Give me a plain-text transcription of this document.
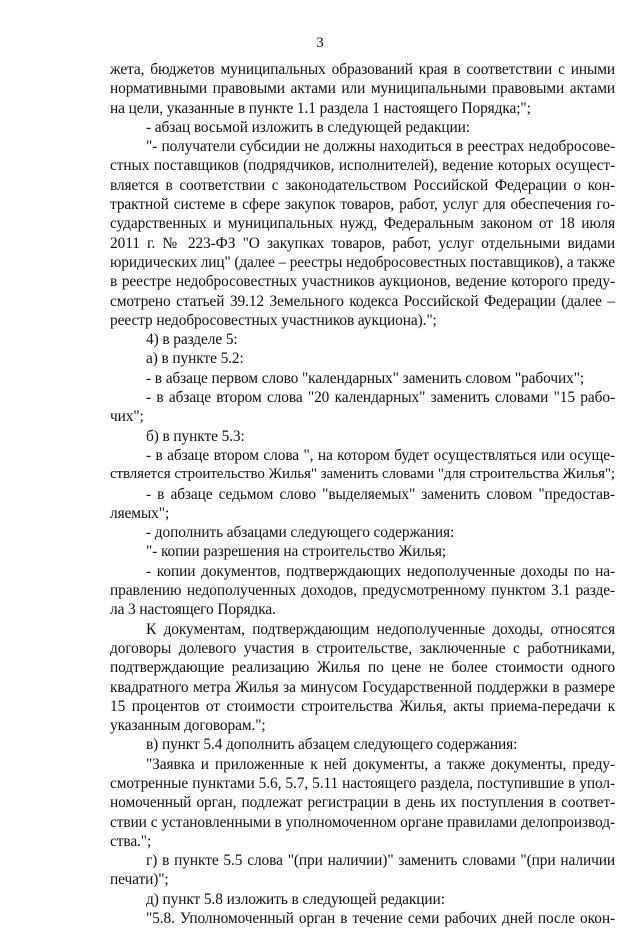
3
жета, бюджетов муниципальных образований края в соответствии с иными
нормативными правовыми актами или муниципальными правовыми актами
на цели, указанные в пункте 1.1 раздела 1 настоящего Порядка;";
- абзац восьмой изложить в следующей редакции:
"- получатели субсидии не должны находиться в реестрах недобросове-
стных поставщиков (подрядчиков, исполнителей), ведение которых осущест-
вляется в соответствии с законодательством Российской Федерации о кон-
трактной системе в сфере закупок товаров, работ, услуг для обеспечения го-
сударственных и муниципальных нужд, Федеральным законом от 18 июля
2011 г. № 223-ФЗ "О закупках товаров, работ, услуг отдельными видами
юридических лиц" (далее – реестры недобросовестных поставщиков), а также
в реестре недобросовестных участников аукционов, ведение которого преду-
смотрено статьей 39.12 Земельного кодекса Российской Федерации (далее –
реестр недобросовестных участников аукциона).";
4) в разделе 5:
а) в пункте 5.2:
- в абзаце первом слово "календарных" заменить словом "рабочих";
- в абзаце втором слова "20 календарных" заменить словами "15 рабо-
чих";
б) в пункте 5.3:
- в абзаце втором слова ", на котором будет осуществляться или осуще-
ствляется строительство Жилья" заменить словами "для строительства Жилья";
- в абзаце седьмом слово "выделяемых" заменить словом "предостав-
ляемых";
- дополнить абзацами следующего содержания:
"- копии разрешения на строительство Жилья;
- копии документов, подтверждающих недополученные доходы по на-
правлению недополученных доходов, предусмотренному пунктом 3.1 разде-
ла 3 настоящего Порядка.
К документам, подтверждающим недополученные доходы, относятся
договоры долевого участия в строительстве, заключенные с работниками,
подтверждающие реализацию Жилья по цене не более стоимости одного
квадратного метра Жилья за минусом Государственной поддержки в размере
15 процентов от стоимости строительства Жилья, акты приема-передачи к
указанным договорам.";
в) пункт 5.4 дополнить абзацем следующего содержания:
"Заявка и приложенные к ней документы, а также документы, преду-
смотренные пунктами 5.6, 5.7, 5.11 настоящего раздела, поступившие в упол-
номоченный орган, подлежат регистрации в день их поступления в соответ-
ствии с установленными в уполномоченном органе правилами делопроизвод-
ства.";
г) в пункте 5.5 слова "(при наличии)" заменить словами "(при наличии
печати)";
д) пункт 5.8 изложить в следующей редакции:
"5.8. Уполномоченный орган в течение семи рабочих дней после окон-
